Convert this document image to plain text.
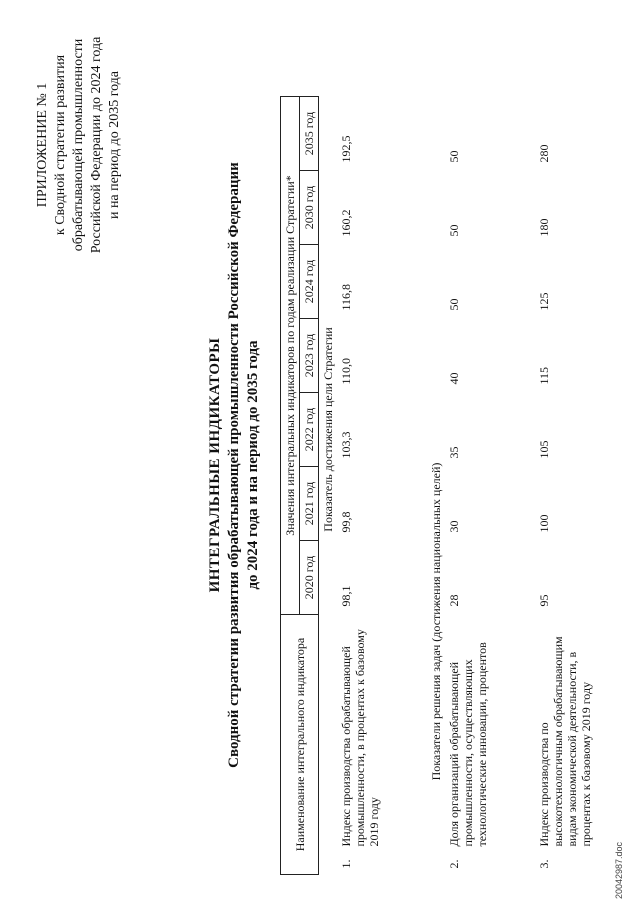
ПРИЛОЖЕНИЕ № 1 к Сводной стратегии развития обрабатывающей промышленности Российской Федерации до 2024 года и на период до 2035 года
ИНТЕГРАЛЬНЫЕ ИНДИКАТОРЫ Сводной стратегии развития обрабатывающей промышленности Российской Федерации до 2024 года и на период до 2035 года
Наименование интегрального индикатора		Значения интегральных индикаторов по годам реализации Стратегии*						
		2020 год	2021 год	2022 год	2023 год	2024 год	2030 год	2035 год
		Показатель достижения цели Стратегии						
1.	Индекс производства обрабатывающей промышленности, в процентах к базовому 2019 году	98,1	99,8	103,3	110,0	116,8	160,2	192,5
	Показатели решения задач (достижения национальных целей)							
2.	Доля организаций обрабатывающей промышленности, осуществляющих технологические инновации, процентов	28	30	35	40	50	50	50
3.	Индекс производства по высокотехнологичным обрабатывающим видам экономической деятельности, в процентах к базовому 2019 году	95	100	105	115	125	180	280
20042987.doc
